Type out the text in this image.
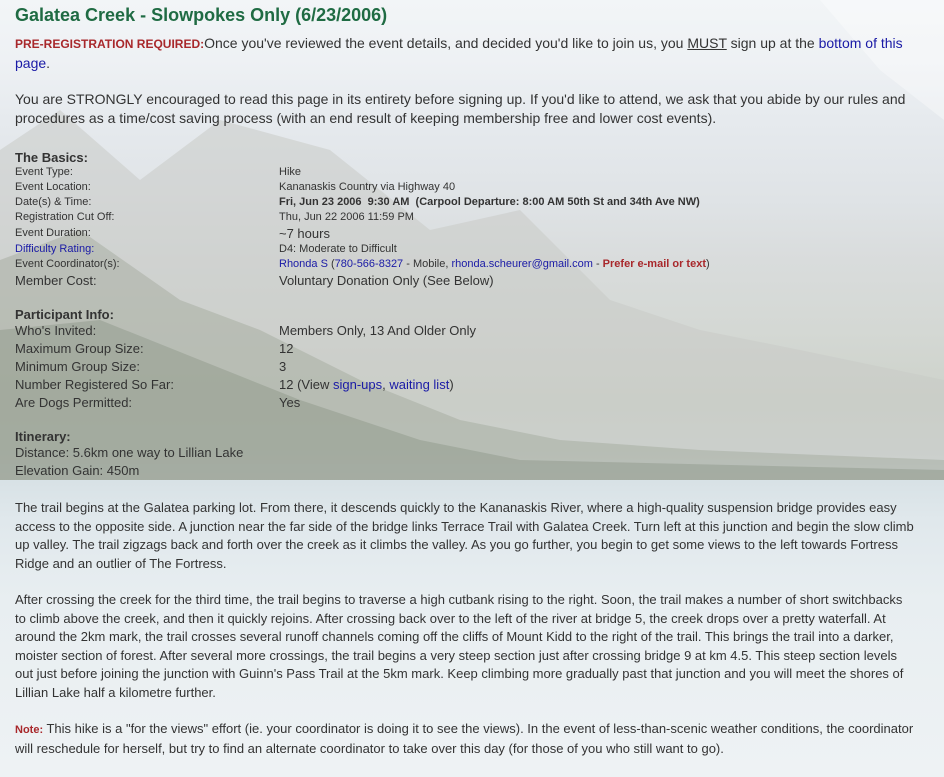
Galatea Creek - Slowpokes Only (6/23/2006)

PRE-REGISTRATION REQUIRED:Once you've reviewed the event details, and decided you'd like to join us, you MUST sign up at the bottom of this page.

You are STRONGLY encouraged to read this page in its entirety before signing up. If you'd like to attend, we ask that you abide by our rules and procedures as a time/cost saving process (with an end result of keeping membership free and lower cost events).

The Basics:
Event Type:	Hike
Event Location:	Kananaskis Country via Highway 40
Date(s) & Time:	Fri, Jun 23 2006  9:30 AM  (Carpool Departure: 8:00 AM 50th St and 34th Ave NW)
Registration Cut Off:	Thu, Jun 22 2006 11:59 PM
Event Duration:	~7 hours
Difficulty Rating:	D4: Moderate to Difficult
Event Coordinator(s):	Rhonda S (780-566-8327 - Mobile, rhonda.scheurer@gmail.com - Prefer e-mail or text)
Member Cost:	Voluntary Donation Only (See Below)
Participant Info:
Who's Invited:	Members Only, 13 And Older Only
Maximum Group Size:	12
Minimum Group Size:	3
Number Registered So Far:	12 (View sign-ups, waiting list)
Are Dogs Permitted:	Yes
Itinerary:

Distance: 5.6km one way to Lillian Lake

Elevation Gain: 450m

The trail begins at the Galatea parking lot. From there, it descends quickly to the Kananaskis River, where a high-quality suspension bridge provides easy access to the opposite side. A junction near the far side of the bridge links Terrace Trail with Galatea Creek. Turn left at this junction and begin the slow climb up valley. The trail zigzags back and forth over the creek as it climbs the valley. As you go further, you begin to get some views to the left towards Fortress Ridge and an outlier of The Fortress.

After crossing the creek for the third time, the trail begins to traverse a high cutbank rising to the right. Soon, the trail makes a number of short switchbacks to climb above the creek, and then it quickly rejoins. After crossing back over to the left of the river at bridge 5, the creek drops over a pretty waterfall. At around the 2km mark, the trail crosses several runoff channels coming off the cliffs of Mount Kidd to the right of the trail. This brings the trail into a darker, moister section of forest. After several more crossings, the trail begins a very steep section just after crossing bridge 9 at km 4.5. This steep section levels out just before joining the junction with Guinn's Pass Trail at the 5km mark. Keep climbing more gradually past that junction and you will meet the shores of Lillian Lake half a kilometre further.

Note: This hike is a "for the views" effort (ie. your coordinator is doing it to see the views). In the event of less-than-scenic weather conditions, the coordinator will reschedule for herself, but try to find an alternate coordinator to take over this day (for those of you who still want to go).
